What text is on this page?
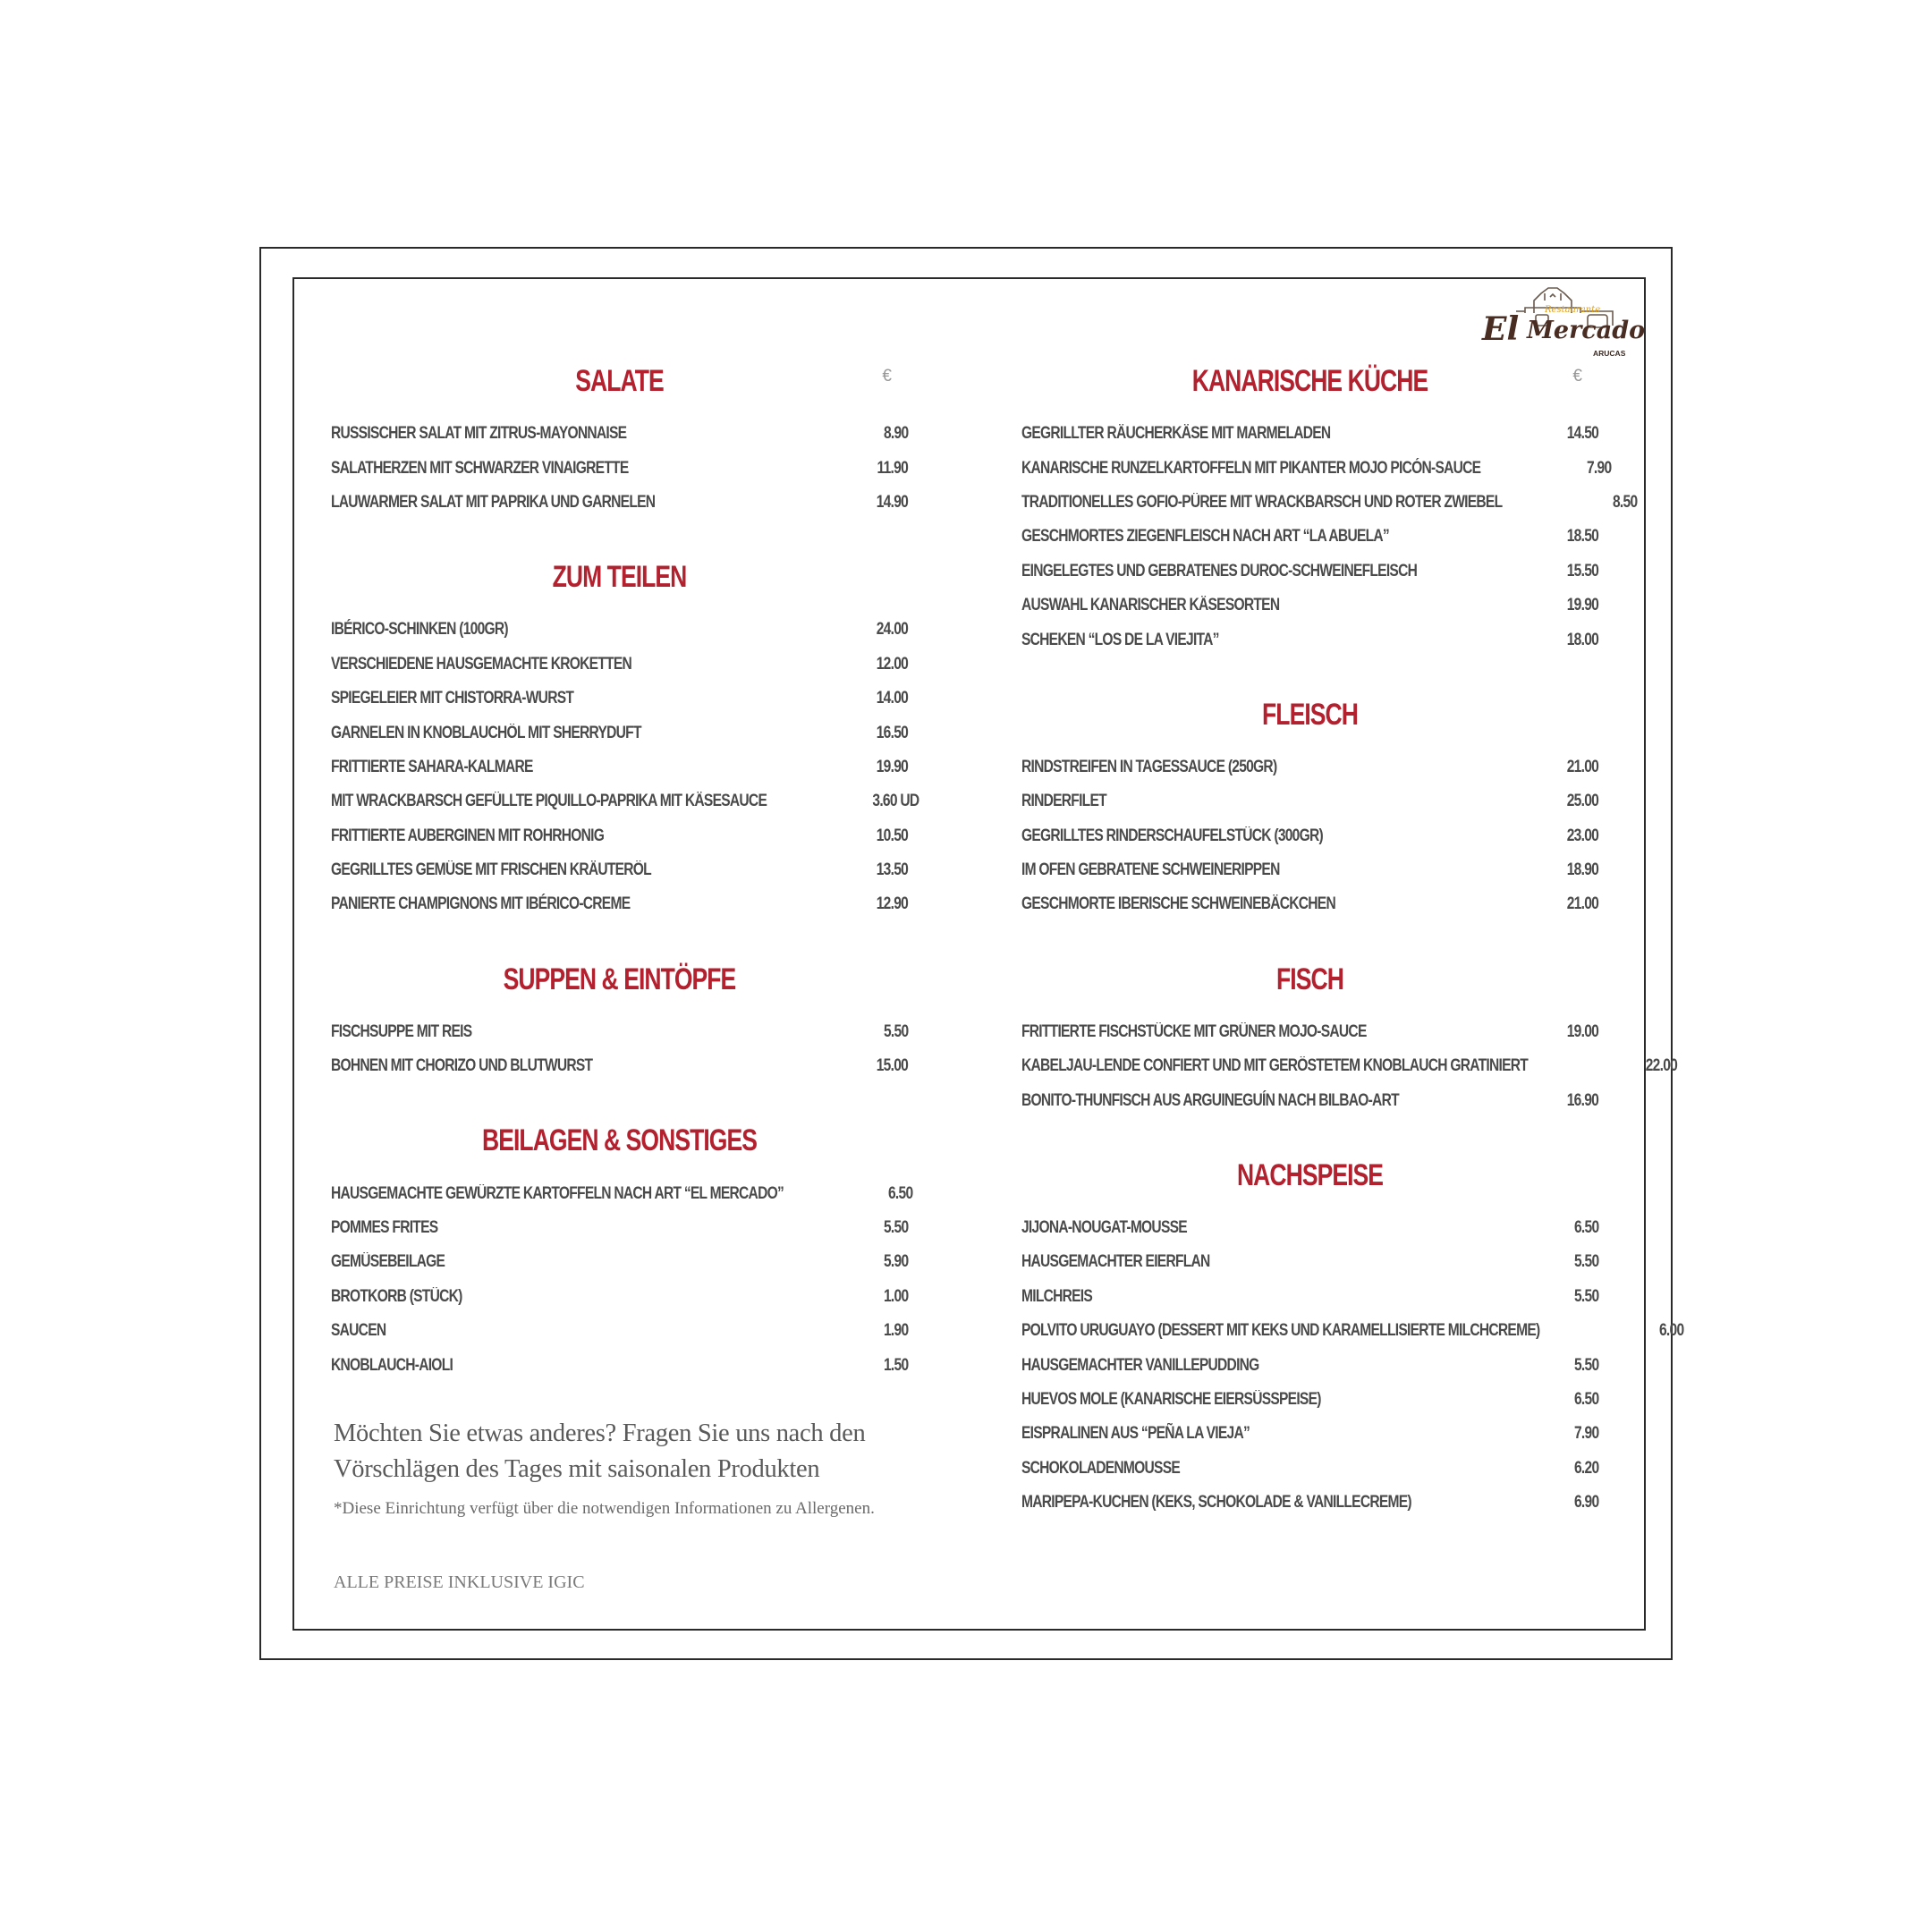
Restaurante
El Mercado
ARUCAS
SALATE	€
RUSSISCHER SALAT MIT ZITRUS-MAYONNAISE	8.90
SALATHERZEN MIT SCHWARZER VINAIGRETTE	11.90
LAUWARMER SALAT MIT PAPRIKA UND GARNELEN	14.90
ZUM TEILEN
IBÉRICO-SCHINKEN (100GR)	24.00
VERSCHIEDENE HAUSGEMACHTE KROKETTEN	12.00
SPIEGELEIER MIT CHISTORRA-WURST	14.00
GARNELEN IN KNOBLAUCHÖL MIT SHERRYDUFT	16.50
FRITTIERTE SAHARA-KALMARE	19.90
MIT WRACKBARSCH GEFÜLLTE PIQUILLO-PAPRIKA MIT KÄSESAUCE	3.60 UD
FRITTIERTE AUBERGINEN MIT ROHRHONIG	10.50
GEGRILLTES GEMÜSE MIT FRISCHEN KRÄUTERÖL	13.50
PANIERTE CHAMPIGNONS MIT IBÉRICO-CREME	12.90
SUPPEN & EINTÖPFE
FISCHSUPPE MIT REIS	5.50
BOHNEN MIT CHORIZO UND BLUTWURST	15.00
BEILAGEN & SONSTIGES
HAUSGEMACHTE GEWÜRZTE KARTOFFELN NACH ART “EL MERCADO”	6.50
POMMES FRITES	5.50
GEMÜSEBEILAGE	5.90
BROTKORB (STÜCK)	1.00
SAUCEN	1.90
KNOBLAUCH-AIOLI	1.50
KANARISCHE KÜCHE	€
GEGRILLTER RÄUCHERKÄSE MIT MARMELADEN	14.50
KANARISCHE RUNZELKARTOFFELN MIT PIKANTER MOJO PICÓN-SAUCE	7.90
TRADITIONELLES GOFIO-PÜREE MIT WRACKBARSCH UND ROTER ZWIEBEL	8.50
GESCHMORTES ZIEGENFLEISCH NACH ART “LA ABUELA”	18.50
EINGELEGTES UND GEBRATENES DUROC-SCHWEINEFLEISCH	15.50
AUSWAHL KANARISCHER KÄSESORTEN	19.90
SCHEKEN “LOS DE LA VIEJITA”	18.00
FLEISCH
RINDSTREIFEN IN TAGESSAUCE (250GR)	21.00
RINDERFILET	25.00
GEGRILLTES RINDERSCHAUFELSTÜCK (300GR)	23.00
IM OFEN GEBRATENE SCHWEINERIPPEN	18.90
GESCHMORTE IBERISCHE SCHWEINEBÄCKCHEN	21.00
FISCH
FRITTIERTE FISCHSTÜCKE MIT GRÜNER MOJO-SAUCE	19.00
KABELJAU-LENDE CONFIERT UND MIT GERÖSTETEM KNOBLAUCH GRATINIERT	22.00
BONITO-THUNFISCH AUS ARGUINEGUÍN NACH BILBAO-ART	16.90
NACHSPEISE
JIJONA-NOUGAT-MOUSSE	6.50
HAUSGEMACHTER EIERFLAN	5.50
MILCHREIS	5.50
POLVITO URUGUAYO (DESSERT MIT KEKS UND KARAMELLISIERTE MILCHCREME)	6.00
HAUSGEMACHTER VANILLEPUDDING	5.50
HUEVOS MOLE (KANARISCHE EIERSÜSSPEISE)	6.50
EISPRALINEN AUS “PEÑA LA VIEJA”	7.90
SCHOKOLADENMOUSSE	6.20
MARIPEPA-KUCHEN (KEKS, SCHOKOLADE & VANILLECREME)	6.90
Möchten Sie etwas anderes? Fragen Sie uns nach den
Vörschlägen des Tages mit saisonalen Produkten
*Diese Einrichtung verfügt über die notwendigen Informationen zu Allergenen.
ALLE PREISE INKLUSIVE IGIC
